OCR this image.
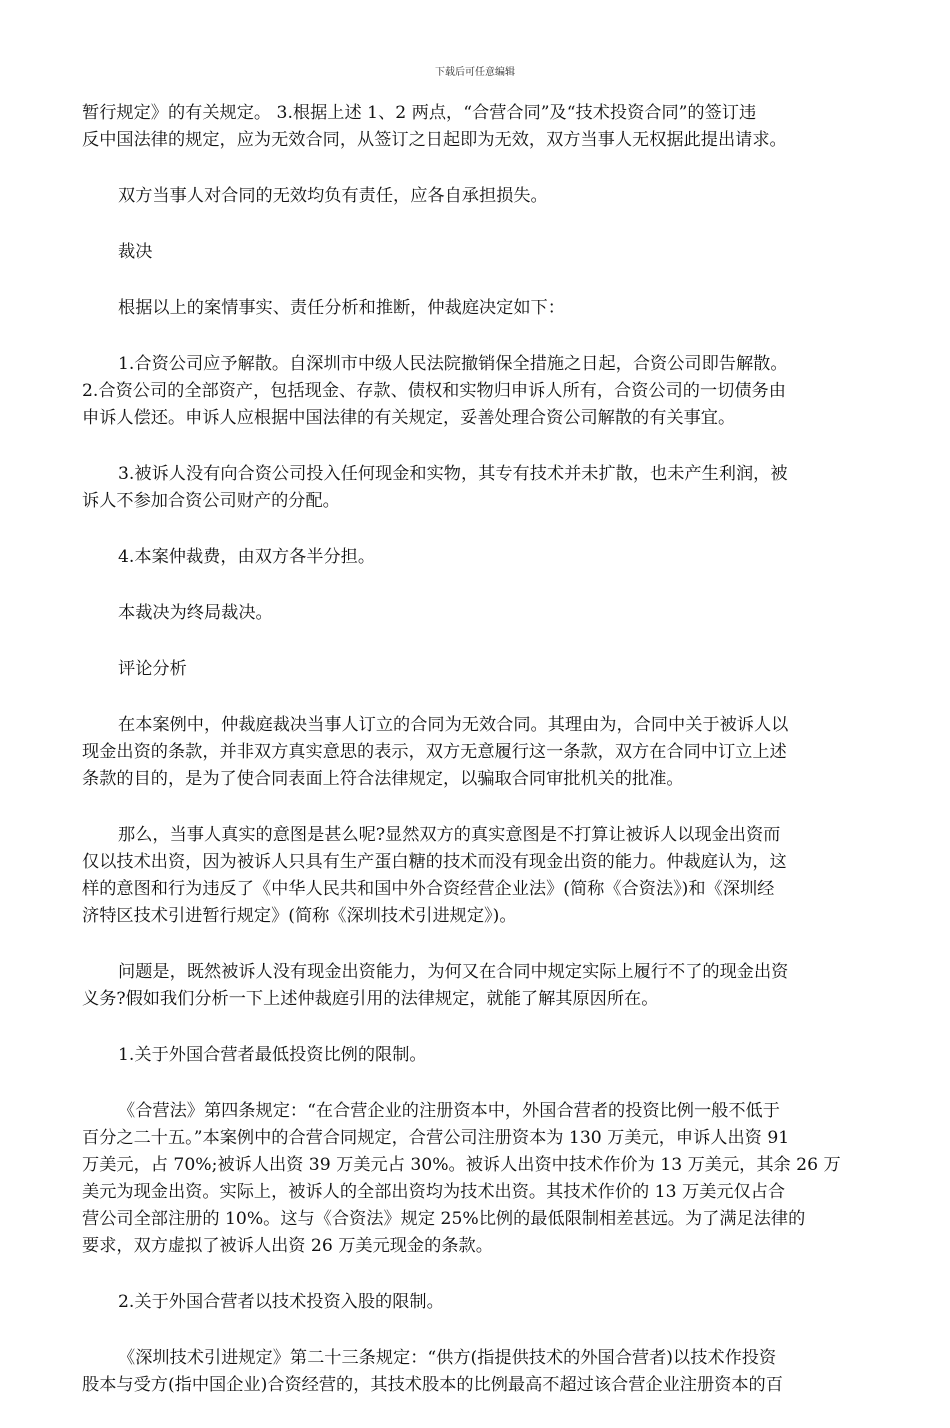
下载后可任意编辑
暂行规定》的有关规定。 3.根据上述 1、2 两点，“合营合同”及“技术投资合同”的签订违
反中国法律的规定，应为无效合同，从签订之日起即为无效，双方当事人无权据此提出请求。
双方当事人对合同的无效均负有责任，应各自承担损失。
裁决
根据以上的案情事实、责任分析和推断，仲裁庭决定如下：
1.合资公司应予解散。自深圳市中级人民法院撤销保全措施之日起，合资公司即告解散。
2.合资公司的全部资产，包括现金、存款、债权和实物归申诉人所有，合资公司的一切债务由
申诉人偿还。申诉人应根据中国法律的有关规定，妥善处理合资公司解散的有关事宜。
3.被诉人没有向合资公司投入任何现金和实物，其专有技术并未扩散，也未产生利润，被
诉人不参加合资公司财产的分配。
4.本案仲裁费，由双方各半分担。
本裁决为终局裁决。
评论分析
在本案例中，仲裁庭裁决当事人订立的合同为无效合同。其理由为，合同中关于被诉人以
现金出资的条款，并非双方真实意思的表示，双方无意履行这一条款，双方在合同中订立上述
条款的目的，是为了使合同表面上符合法律规定，以骗取合同审批机关的批准。
那么，当事人真实的意图是甚么呢?显然双方的真实意图是不打算让被诉人以现金出资而
仅以技术出资，因为被诉人只具有生产蛋白糖的技术而没有现金出资的能力。仲裁庭认为，这
样的意图和行为违反了《中华人民共和国中外合资经营企业法》(简称《合资法》)和《深圳经
济特区技术引进暂行规定》(简称《深圳技术引进规定》)。
问题是，既然被诉人没有现金出资能力，为何又在合同中规定实际上履行不了的现金出资
义务?假如我们分析一下上述仲裁庭引用的法律规定，就能了解其原因所在。
1.关于外国合营者最低投资比例的限制。
《合营法》第四条规定：“在合营企业的注册资本中，外国合营者的投资比例一般不低于
百分之二十五。”本案例中的合营合同规定，合营公司注册资本为 130 万美元，申诉人出资 91
万美元，占 70%;被诉人出资 39 万美元占 30%。被诉人出资中技术作价为 13 万美元，其余 26 万
美元为现金出资。实际上，被诉人的全部出资均为技术出资。其技术作价的 13 万美元仅占合
营公司全部注册的 10%。这与《合资法》规定 25%比例的最低限制相差甚远。为了满足法律的
要求，双方虚拟了被诉人出资 26 万美元现金的条款。
2.关于外国合营者以技术投资入股的限制。
《深圳技术引进规定》第二十三条规定：“供方(指提供技术的外国合营者)以技术作投资
股本与受方(指中国企业)合资经营的，其技术股本的比例最高不超过该合营企业注册资本的百
